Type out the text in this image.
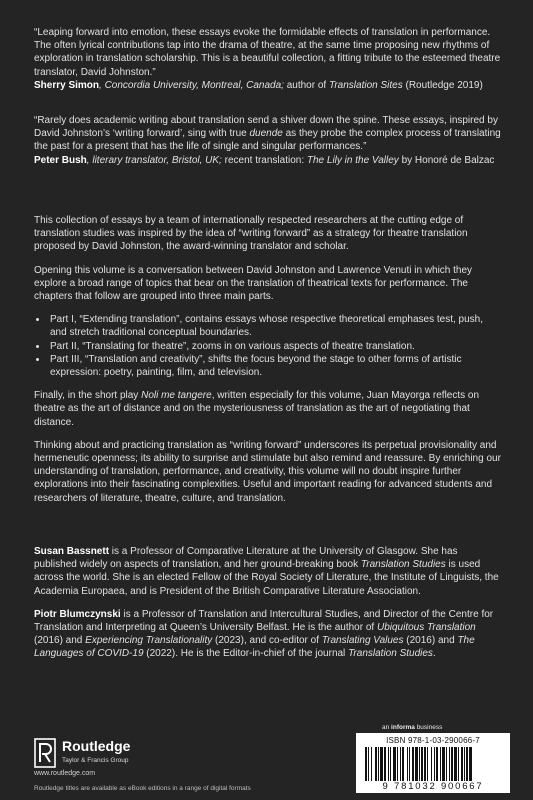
“Leaping forward into emotion, these essays evoke the formidable effects of translation in performance. The often lyrical contributions tap into the drama of theatre, at the same time proposing new rhythms of exploration in translation scholarship. This is a beautiful collection, a fitting tribute to the esteemed theatre translator, David Johnston.”
Sherry Simon, Concordia University, Montreal, Canada; author of Translation Sites (Routledge 2019)

“Rarely does academic writing about translation send a shiver down the spine. These essays, inspired by David Johnston’s ‘writing forward’, sing with true duende as they probe the complex process of translating the past for a present that has the life of single and singular performances.”
Peter Bush, literary translator, Bristol, UK; recent translation: The Lily in the Valley by Honoré de Balzac

This collection of essays by a team of internationally respected researchers at the cutting edge of translation studies was inspired by the idea of “writing forward” as a strategy for theatre translation proposed by David Johnston, the award-winning translator and scholar.

Opening this volume is a conversation between David Johnston and Lawrence Venuti in which they explore a broad range of topics that bear on the translation of theatrical texts for performance. The chapters that follow are grouped into three main parts.

• Part I, “Extending translation”, contains essays whose respective theoretical emphases test, push, and stretch traditional conceptual boundaries.
• Part II, “Translating for theatre”, zooms in on various aspects of theatre translation.
• Part III, “Translation and creativity”, shifts the focus beyond the stage to other forms of artistic expression: poetry, painting, film, and television.

Finally, in the short play Noli me tangere, written especially for this volume, Juan Mayorga reflects on theatre as the art of distance and on the mysteriousness of translation as the art of negotiating that distance.

Thinking about and practicing translation as “writing forward” underscores its perpetual provisionality and hermeneutic openness; its ability to surprise and stimulate but also remind and reassure. By enriching our understanding of translation, performance, and creativity, this volume will no doubt inspire further explorations into their fascinating complexities. Useful and important reading for advanced students and researchers of literature, theatre, culture, and translation.

Susan Bassnett is a Professor of Comparative Literature at the University of Glasgow. She has published widely on aspects of translation, and her ground-breaking book Translation Studies is used across the world. She is an elected Fellow of the Royal Society of Literature, the Institute of Linguists, the Academia Europaea, and is President of the British Comparative Literature Association.

Piotr Blumczynski is a Professor of Translation and Intercultural Studies, and Director of the Centre for Translation and Interpreting at Queen’s University Belfast. He is the author of Ubiquitous Translation (2016) and Experiencing Translationality (2023), and co-editor of Translating Values (2016) and The Languages of COVID-19 (2022). He is the Editor-in-chief of the journal Translation Studies.

Routledge
Taylor & Francis Group
www.routledge.com
Routledge titles are available as eBook editions in a range of digital formats
an informa business
ISBN 978-1-03-290066-7
9 781032 900667
